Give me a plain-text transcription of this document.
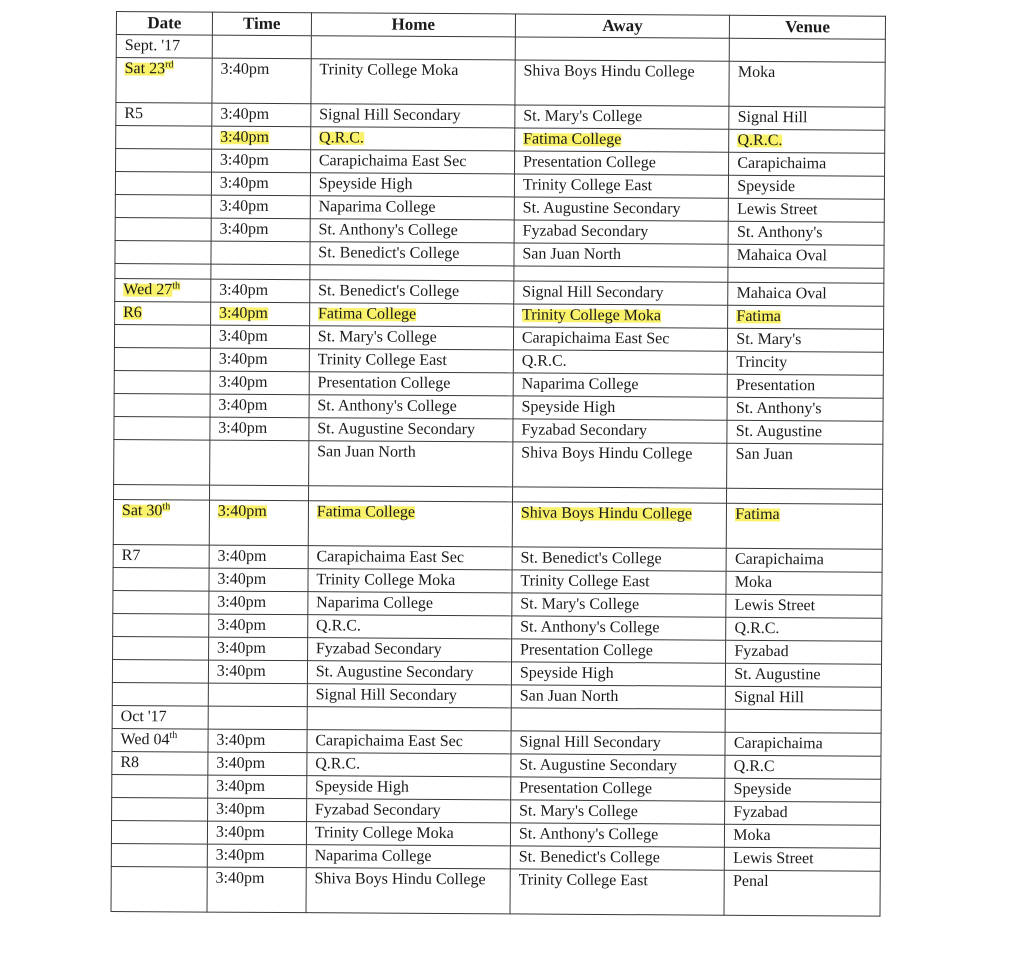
Date	Time	Home	Away	Venue
Sept. '17				
Sat 23rd	3:40pm	Trinity College Moka	Shiva Boys Hindu College	Moka
R5	3:40pm	Signal Hill Secondary	St. Mary's College	Signal Hill
	3:40pm	Q.R.C.	Fatima College	Q.R.C.
	3:40pm	Carapichaima East Sec	Presentation College	Carapichaima
	3:40pm	Speyside High	Trinity College East	Speyside
	3:40pm	Naparima College	St. Augustine Secondary	Lewis Street
	3:40pm	St. Anthony's College	Fyzabad Secondary	St. Anthony's
		St. Benedict's College	San Juan North	Mahaica Oval

Wed 27th	3:40pm	St. Benedict's College	Signal Hill Secondary	Mahaica Oval
R6	3:40pm	Fatima College	Trinity College Moka	Fatima
	3:40pm	St. Mary's College	Carapichaima East Sec	St. Mary's
	3:40pm	Trinity College East	Q.R.C.	Trincity
	3:40pm	Presentation College	Naparima College	Presentation
	3:40pm	St. Anthony's College	Speyside High	St. Anthony's
	3:40pm	St. Augustine Secondary	Fyzabad Secondary	St. Augustine
		San Juan North	Shiva Boys Hindu College	San Juan

Sat 30th	3:40pm	Fatima College	Shiva Boys Hindu College	Fatima
R7	3:40pm	Carapichaima East Sec	St. Benedict's College	Carapichaima
	3:40pm	Trinity College Moka	Trinity College East	Moka
	3:40pm	Naparima College	St. Mary's College	Lewis Street
	3:40pm	Q.R.C.	St. Anthony's College	Q.R.C.
	3:40pm	Fyzabad Secondary	Presentation College	Fyzabad
	3:40pm	St. Augustine Secondary	Speyside High	St. Augustine
		Signal Hill Secondary	San Juan North	Signal Hill
Oct '17				
Wed 04th	3:40pm	Carapichaima East Sec	Signal Hill Secondary	Carapichaima
R8	3:40pm	Q.R.C.	St. Augustine Secondary	Q.R.C
	3:40pm	Speyside High	Presentation College	Speyside
	3:40pm	Fyzabad Secondary	St. Mary's College	Fyzabad
	3:40pm	Trinity College Moka	St. Anthony's College	Moka
	3:40pm	Naparima College	St. Benedict's College	Lewis Street
	3:40pm	Shiva Boys Hindu College	Trinity College East	Penal
